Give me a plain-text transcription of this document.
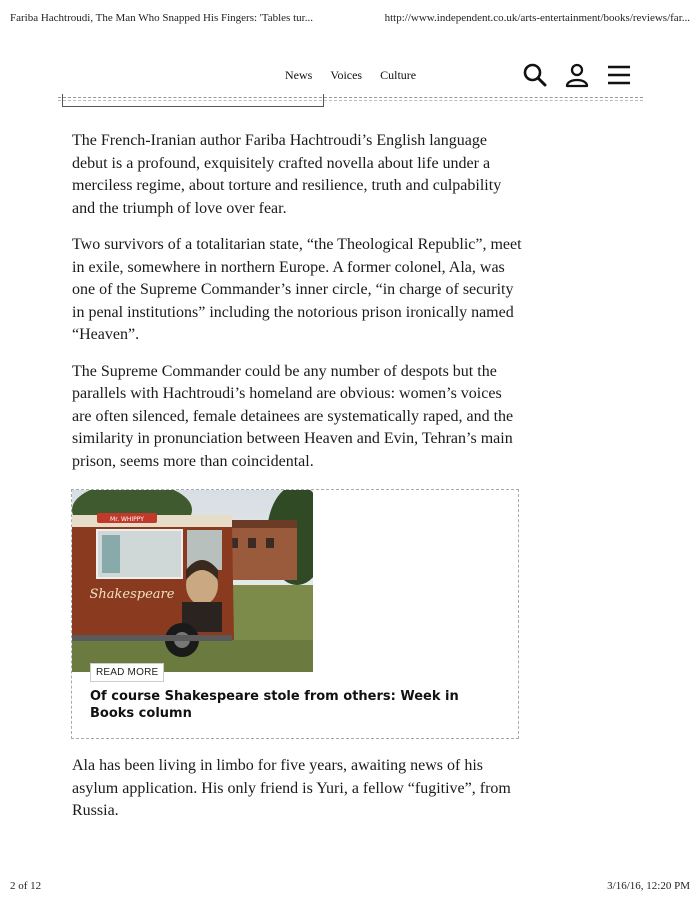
Fariba Hachtroudi, The Man Who Snapped His Fingers: 'Tables tur...	http://www.independent.co.uk/arts-entertainment/books/reviews/far...
News Voices Culture

The French-Iranian author Fariba Hachtroudi’s English language debut is a profound, exquisitely crafted novella about life under a merciless regime, about torture and resilience, truth and culpability and the triumph of love over fear.

Two survivors of a totalitarian state, “the Theological Republic”, meet in exile, somewhere in northern Europe. A former colonel, Ala, was one of the Supreme Commander’s inner circle, “in charge of security in penal institutions” including the notorious prison ironically named “Heaven”.

The Supreme Commander could be any number of despots but the parallels with Hachtroudi’s homeland are obvious: women’s voices are often silenced, female detainees are systematically raped, and the similarity in pronunciation between Heaven and Evin, Tehran’s main prison, seems more than coincidental.

Mr. WHIPPY
Shakespeare
READ MORE
Of course Shakespeare stole from others: Week in Books column

Ala has been living in limbo for five years, awaiting news of his asylum application. His only friend is Yuri, a fellow “fugitive”, from Russia.

2 of 12	3/16/16, 12:20 PM
